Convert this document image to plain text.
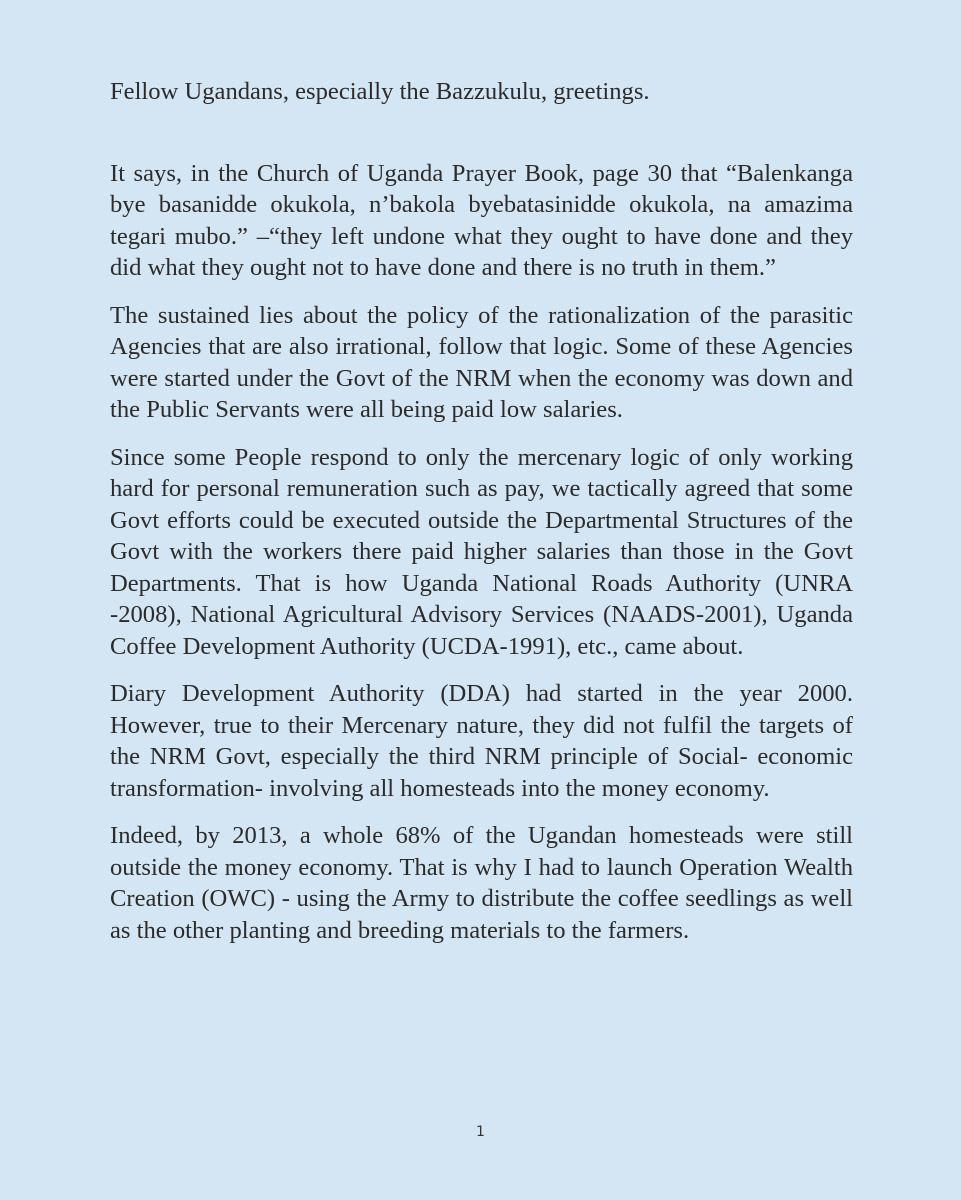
Fellow Ugandans, especially the Bazzukulu, greetings.

It says, in the Church of Uganda Prayer Book, page 30 that “Balenkanga bye basanidde okukola, n’bakola byebatasinidde okukola, na amazima tegari mubo.” –“they left undone what they ought to have done and they did what they ought not to have done and there is no truth in them.”

The sustained lies about the policy of the rationalization of the parasitic Agencies that are also irrational, follow that logic. Some of these Agencies were started under the Govt of the NRM when the economy was down and the Public Servants were all being paid low salaries.

Since some People respond to only the mercenary logic of only working hard for personal remuneration such as pay, we tactically agreed that some Govt efforts could be executed outside the Departmental Structures of the Govt with the workers there paid higher salaries than those in the Govt Departments. That is how Uganda National Roads Authority (UNRA -2008), National Agricultural Advisory Services (NAADS-2001), Uganda Coffee Development Authority (UCDA-1991), etc., came about.

Diary Development Authority (DDA) had started in the year 2000. However, true to their Mercenary nature, they did not fulfil the targets of the NRM Govt, especially the third NRM principle of Social- economic transformation- involving all homesteads into the money economy.

Indeed, by 2013, a whole 68% of the Ugandan homesteads were still outside the money economy. That is why I had to launch Operation Wealth Creation (OWC) - using the Army to distribute the coffee seedlings as well as the other planting and breeding materials to the farmers.

1
